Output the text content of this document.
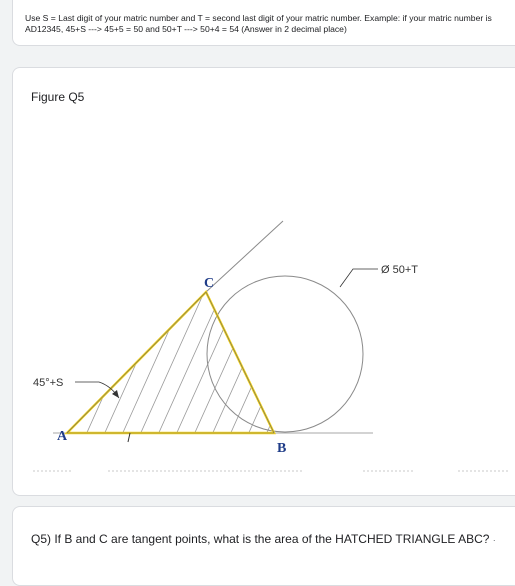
Use S = Last digit of your matric number and T = second last digit of your matric number. Example: if your matric number is AD12345, 45+S ---> 45+5 = 50 and 50+T ---> 50+4 = 54 (Answer in 2 decimal place)
Figure Q5
C
A
B
45°+S
Ø 50+T
Q5) If B and C are tangent points, what is the area of the HATCHED TRIANGLE ABC? ·
